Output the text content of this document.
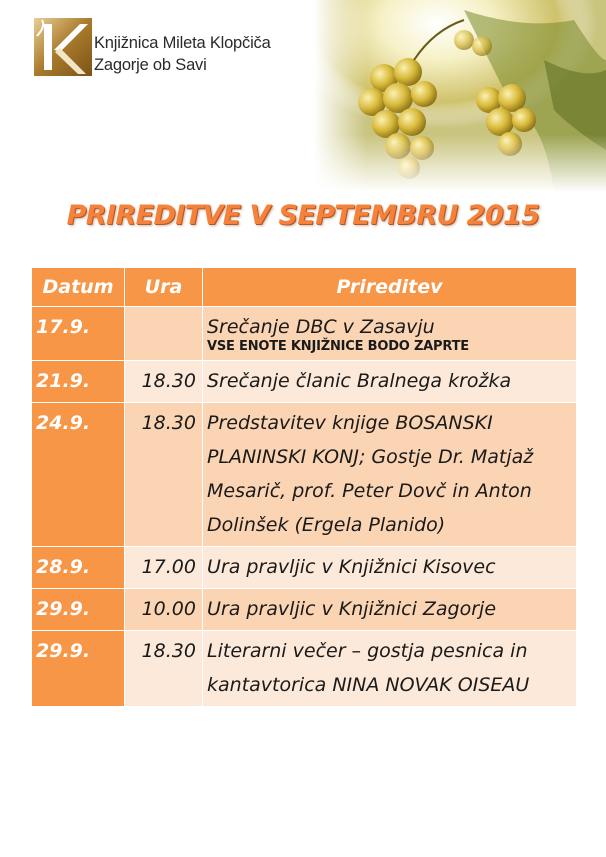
Knjižnica Mileta Klopčiča
Zagorje ob Savi
PRIREDITVE V SEPTEMBRU 2015
Datum	Ura	Prireditev
17.9.		Srečanje DBC v Zasavju
VSE ENOTE KNJIŽNICE BODO ZAPRTE

21.9.	18.30	Srečanje članic Bralnega krožka
24.9.	18.30	Predstavitev knjige BOSANSKI PLANINSKI KONJ; Gostje Dr. Matjaž Mesarič, prof. Peter Dovč in Anton Dolinšek (Ergela Planido)
28.9.	17.00	Ura pravljic v Knjižnici Kisovec
29.9.	10.00	Ura pravljic v Knjižnici Zagorje
29.9.	18.30	Literarni večer – gostja pesnica in kantavtorica NINA NOVAK OISEAU
